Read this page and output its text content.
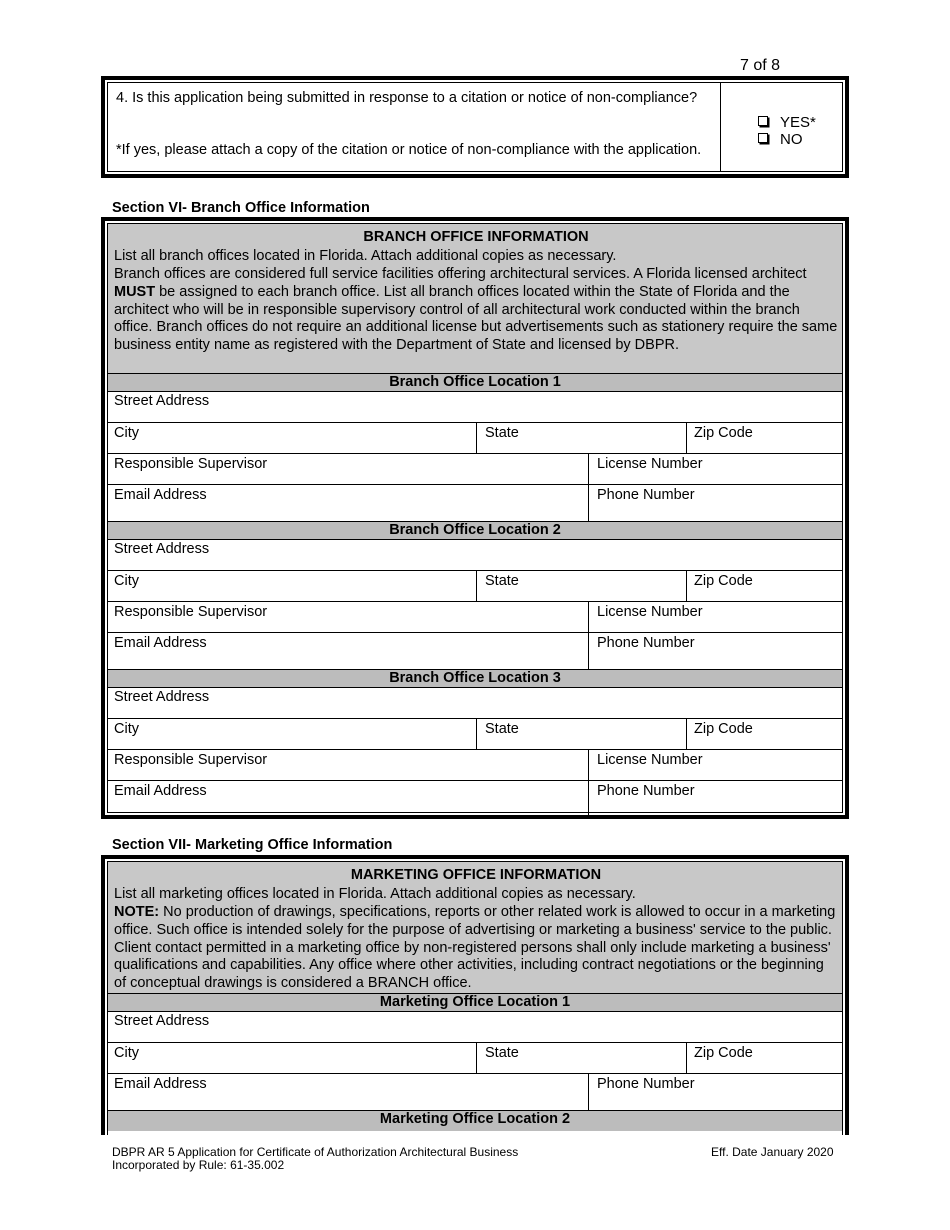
7 of 8
4. Is this application being submitted in response to a citation or notice of non-compliance?
*If yes, please attach a copy of the citation or notice of non-compliance with the application.
YES*
NO
Section VI- Branch Office Information
BRANCH OFFICE INFORMATION
List all branch offices located in Florida. Attach additional copies as necessary.
Branch offices are considered full service facilities offering architectural services. A Florida licensed architect MUST be assigned to each branch office. List all branch offices located within the State of Florida and the architect who will be in responsible supervisory control of all architectural work conducted within the branch office. Branch offices do not require an additional license but advertisements such as stationery require the same business entity name as registered with the Department of State and licensed by DBPR.
Branch Office Location 1
Street Address
City	State	Zip Code
Responsible Supervisor	License Number
Email Address	Phone Number
Branch Office Location 2
Street Address
City	State	Zip Code
Responsible Supervisor	License Number
Email Address	Phone Number
Branch Office Location 3
Street Address
City	State	Zip Code
Responsible Supervisor	License Number
Email Address	Phone Number
Section VII- Marketing Office Information
MARKETING OFFICE INFORMATION
List all marketing offices located in Florida. Attach additional copies as necessary.
NOTE: No production of drawings, specifications, reports or other related work is allowed to occur in a marketing office. Such office is intended solely for the purpose of advertising or marketing a business' service to the public. Client contact permitted in a marketing office by non-registered persons shall only include marketing a business' qualifications and capabilities. Any office where other activities, including contract negotiations or the beginning of conceptual drawings is considered a BRANCH office.
Marketing Office Location 1
Street Address
City	State	Zip Code
Email Address	Phone Number
Marketing Office Location 2
DBPR AR 5 Application for Certificate of Authorization Architectural Business
Incorporated by Rule: 61-35.002
Eff. Date January 2020
